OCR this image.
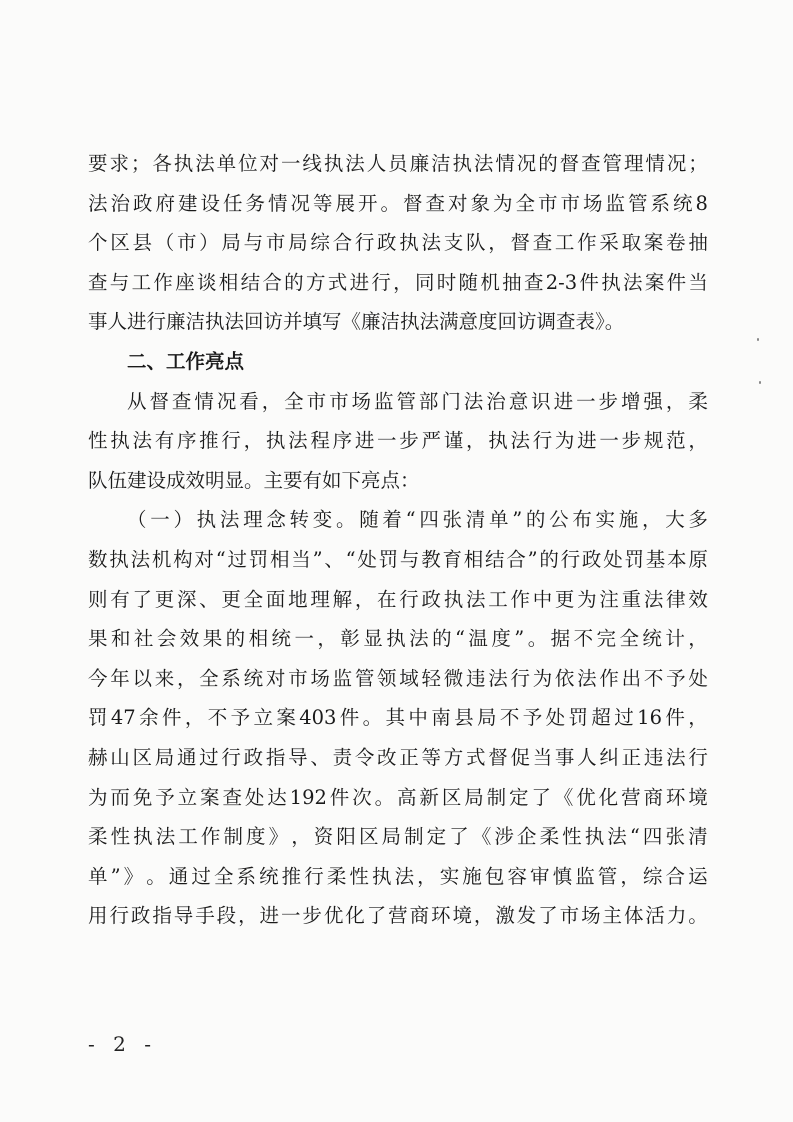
要 求 ； 各 执 法 单 位 对 一 线 执 法 人 员 廉 洁 执 法 情 况 的 督 查 管 理 情 况 ；
法 治 政 府 建 设 任 务 情 况 等 展 开 。 督 查 对 象 为 全 市 市 场 监 管 系 统 8
个 区 县 （ 市 ） 局 与 市 局 综 合 行 政 执 法 支 队 ， 督 查 工 作 采 取 案 卷 抽
查 与 工 作 座 谈 相 结 合 的 方 式 进 行 ， 同 时 随 机 抽 查 2-3 件 执 法 案 件 当
事人进行廉洁执法回访并填写《廉洁执法满意度回访调查表》。
二、工作亮点
从 督 查 情 况 看 ， 全 市 市 场 监 管 部 门 法 治 意 识 进 一 步 增 强 ， 柔
性 执 法 有 序 推 行 ， 执 法 程 序 进 一 步 严 谨 ， 执 法 行 为 进 一 步 规 范 ，
队伍建设成效明显。主要有如下亮点：
（ 一 ） 执 法 理 念 转 变 。 随 着 “ 四 张 清 单 ” 的 公 布 实 施 ， 大 多
数 执 法 机 构 对 “ 过 罚 相 当 ” 、 “ 处 罚 与 教 育 相 结 合 ” 的 行 政 处 罚 基 本 原
则 有 了 更 深 、 更 全 面 地 理 解 ， 在 行 政 执 法 工 作 中 更 为 注 重 法 律 效
果 和 社 会 效 果 的 相 统 一 ， 彰 显 执 法 的 “ 温 度 ” 。 据 不 完 全 统 计 ，
今 年 以 来 ， 全 系 统 对 市 场 监 管 领 域 轻 微 违 法 行 为 依 法 作 出 不 予 处
罚 47 余 件 ， 不 予 立 案 403 件 。 其 中 南 县 局 不 予 处 罚 超 过 16 件 ，
赫 山 区 局 通 过 行 政 指 导 、 责 令 改 正 等 方 式 督 促 当 事 人 纠 正 违 法 行
为 而 免 予 立 案 查 处 达 192 件 次 。 高 新 区 局 制 定 了 《 优 化 营 商 环 境
柔 性 执 法 工 作 制 度 》 ， 资 阳 区 局 制 定 了 《 涉 企 柔 性 执 法 “ 四 张 清
单 ” 》 。 通 过 全 系 统 推 行 柔 性 执 法 ， 实 施 包 容 审 慎 监 管 ， 综 合 运
用 行 政 指 导 手 段 ， 进 一 步 优 化 了 营 商 环 境 ， 激 发 了 市 场 主 体 活 力 。
- 2 -
